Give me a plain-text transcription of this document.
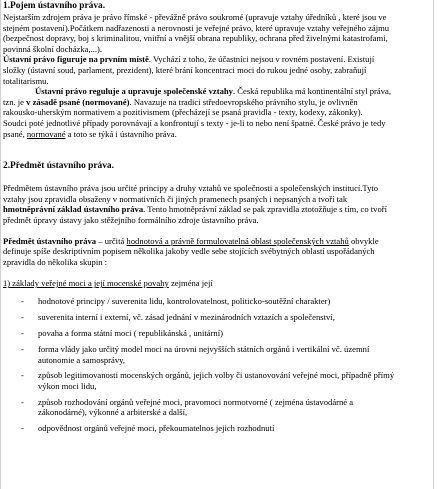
1.Pojem ústavního práva.
Nejstarším zdrojem práva je právo římské - převážně právo soukromé (upravuje vztahy úředníků , které jsou ve
stejném postavení).Počátkem nadřazenosti a nerovnosti je veřejné právo, které upravuje vztahy veřejného zájmu
(bezpečnost dopravy, boj s kriminalitou, vnitřní a vnější obrana republiky, ochrana před živelnými katastrofami,
povinná školní docházka,...).
Ústavní právo figuruje na prvním místě. Vychází z toho, že účastníci nejsou v rovném postavení. Existují
složky (ústavní soud, parlament, prezident), které brání koncentraci moci do rukou jedné osoby, zabraňují
totalitarismu.
Ústavní právo reguluje a upravuje společenské vztahy. Česká republika má kontinentální styl práva,
tzn. je v zásadě psané (normované). Navazuje na tradici středoevropského právního stylu, je ovlivněn
rakousko-uherským normativem a pozitivismem (přecházejí se psaná pravidla - texty, kodexy, zákonky).
Soudci poté jednotlivé případy porovnávají a konfrontují s texty - je-li to nebo není špatné. České právo je tedy
psané, normované a toto se týká i ústavního práva.
2.Předmět ústavního práva.
Předmětem ústavního práva jsou určité principy a druhy vztahů ve společnosti a společenských institucí.Tyto
vztahy jsou zpravidla obsaženy v normativních či jiných pramenech psaných i nepsaných a tvoří tak
hmotněprávní základ ústavního práva. Tento hmotněprávní základ se pak zpravidla ztotožňuje s tím, co tvoří
předmět úpravy ústavy jako stěžejního formálního zdroje ústavního práva.
Předmět ústavního práva – určitá hodnotová a právně formulovatelná oblast společenských vztahů obvykle
definuje spíše deskriptivním popisem několika jakoby vedle sebe stojících svébytných oblastí uspořádaných
zpravidla do několika skupin :
1) základy veřejné moci a její mocenské povahy zejména její
-	hodnotové principy / suverenita lidu, kontrolovatelnost, politicko-soutěžní charakter)
-	suverenita interní i externí, vč. zásad jednání v mezinárodních vztazích a společenství,
-	povaha a forma státní moci ( republikánská , unitární)
-	forma vlády jako určitý model moci na úrovni nejvyšších státních orgánů i vertikální vč. územní
autonomie a samosprávy,
-	způsob legitimovanosti mocenských orgánů, jejich volby či ustanovování veřejné moci, případně přímý
výkon moci lidu,
-	způsob rozhodování orgánů veřejné moci, pravomoci normotvorné ( zejména ústavodárné a
zákonodárné), výkonné a arbiterské a další,
-	odpovědnost orgánů veřejné moci, překoumatelnos jejich rozhodnutí
